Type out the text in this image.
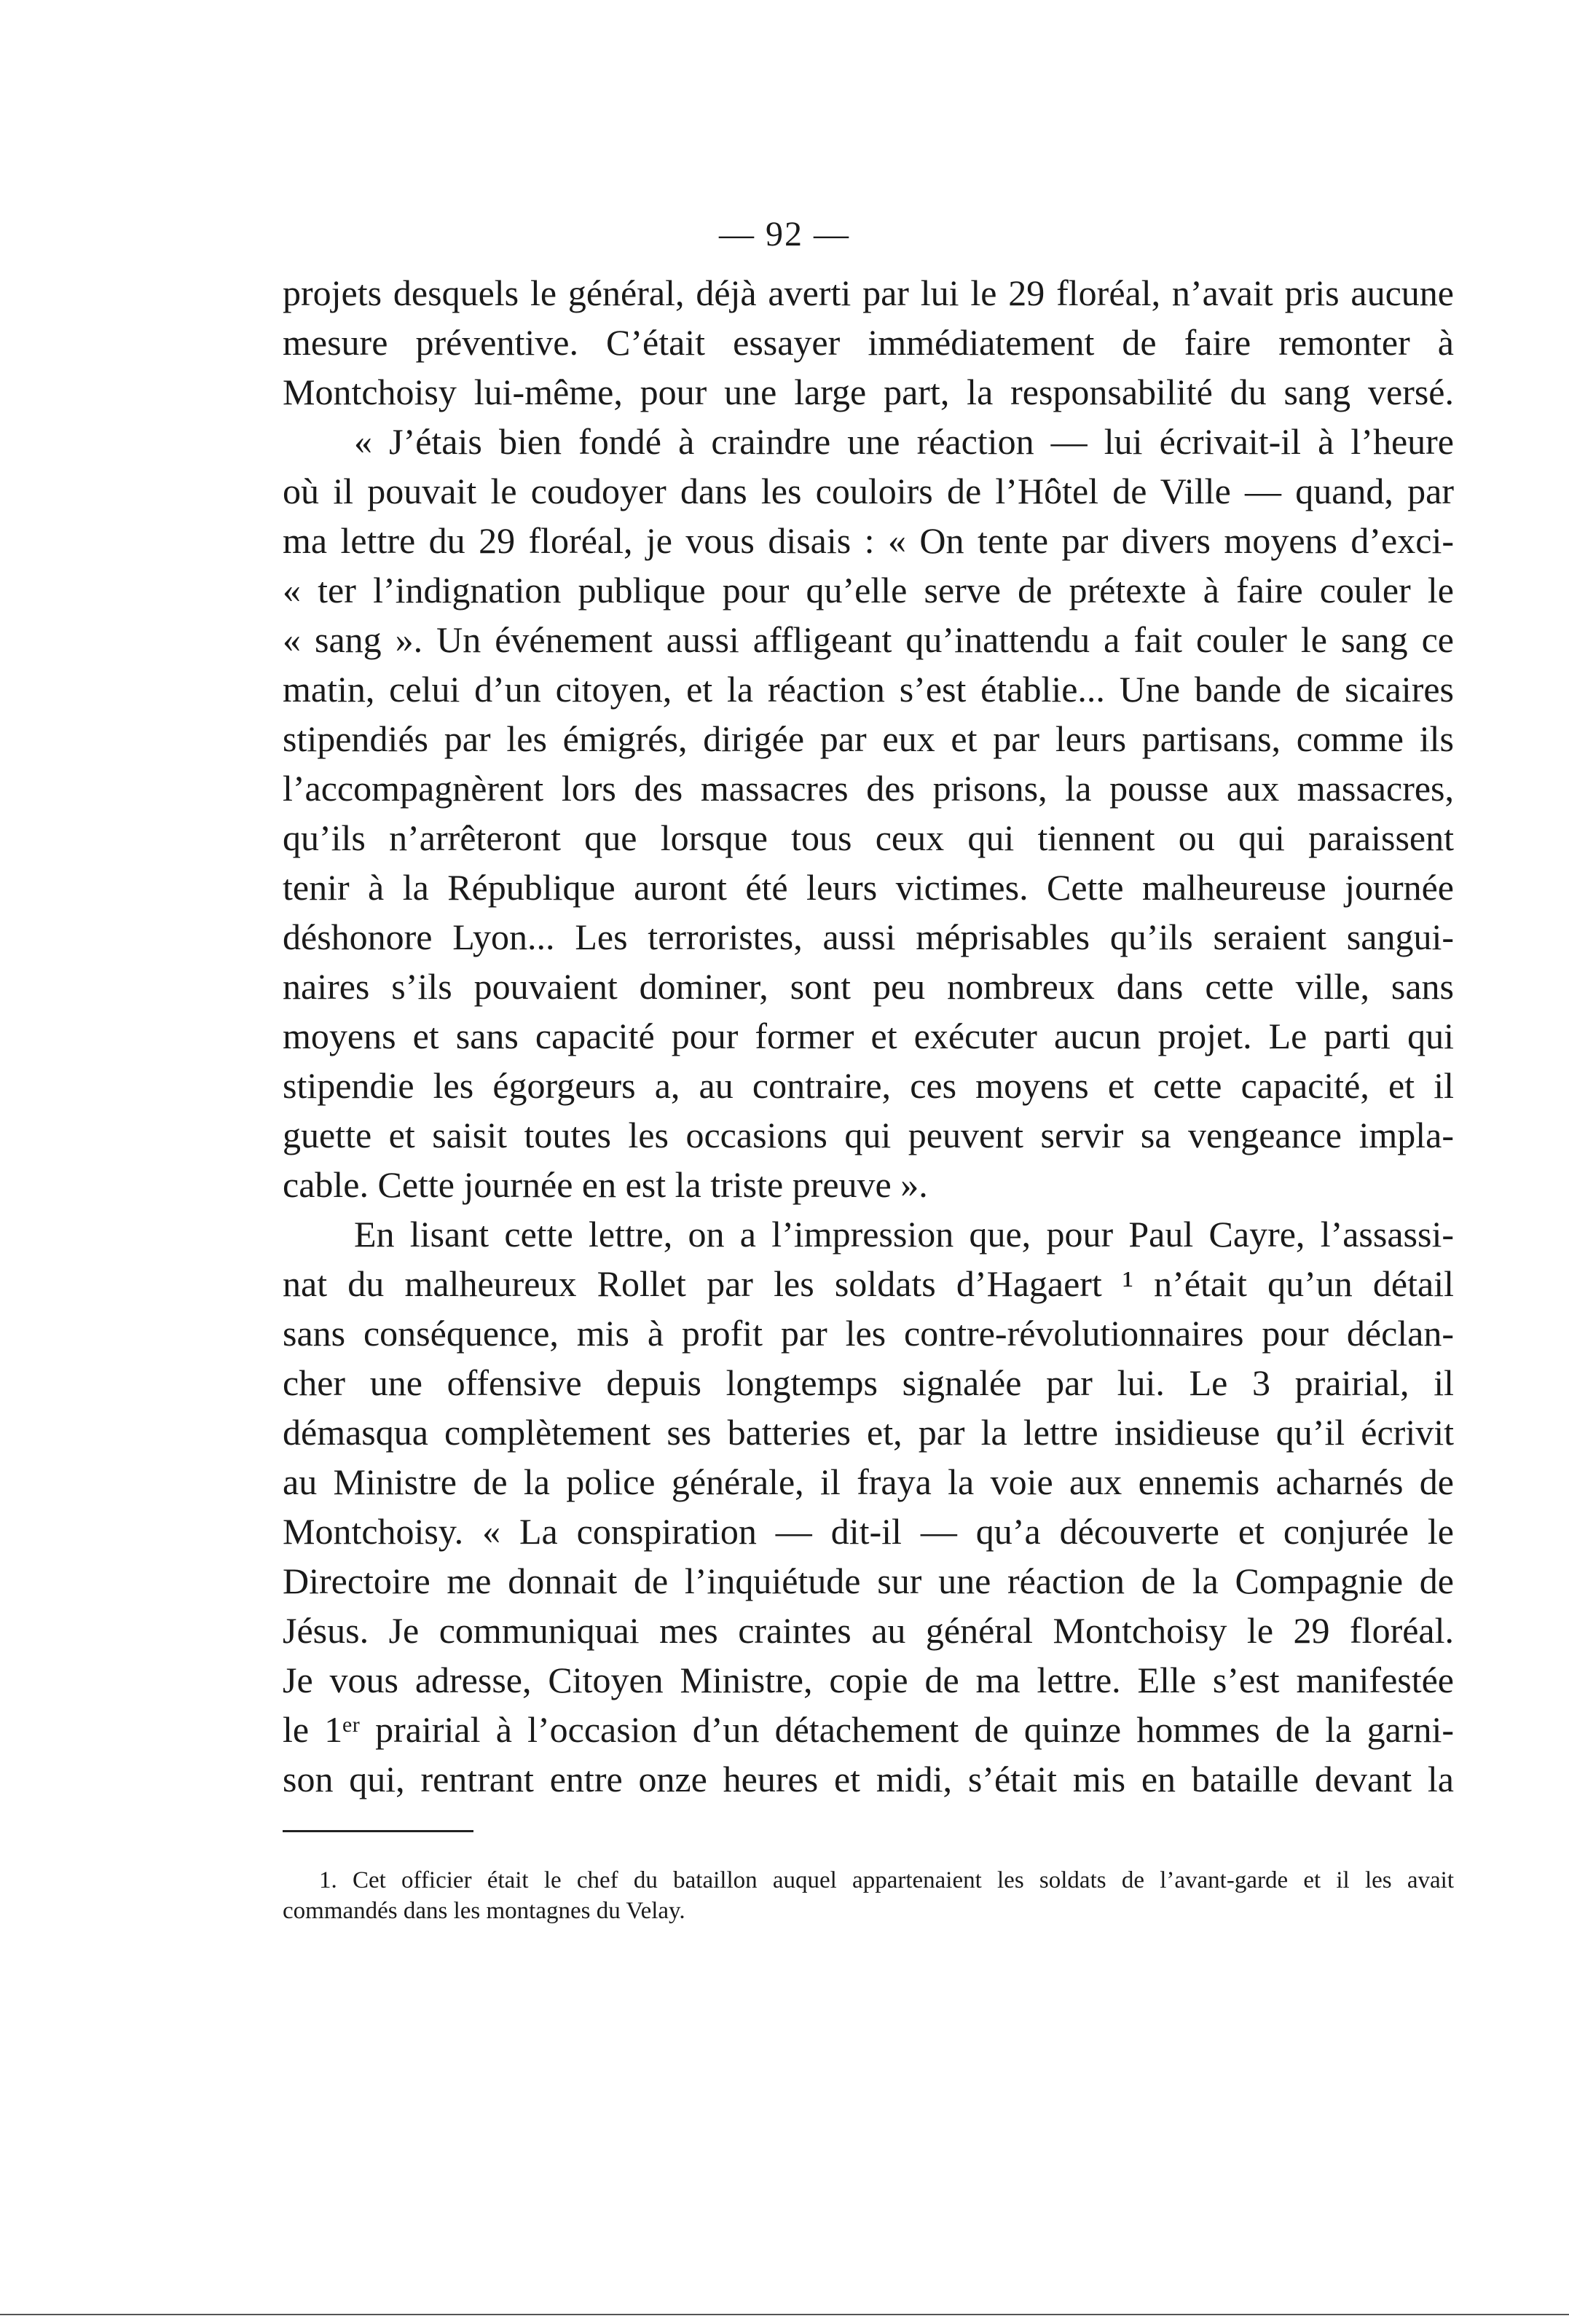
— 92 —
projets desquels le général, déjà averti par lui le 29 floréal, n’avait pris aucune
mesure préventive. C’était essayer immédiatement de faire remonter à
Montchoisy lui-même, pour une large part, la responsabilité du sang versé.
« J’étais bien fondé à craindre une réaction — lui écrivait-il à l’heure
où il pouvait le coudoyer dans les couloirs de l’Hôtel de Ville — quand, par
ma lettre du 29 floréal, je vous disais : « On tente par divers moyens d’exci-
« ter l’indignation publique pour qu’elle serve de prétexte à faire couler le
« sang ». Un événement aussi affligeant qu’inattendu a fait couler le sang ce
matin, celui d’un citoyen, et la réaction s’est établie... Une bande de sicaires
stipendiés par les émigrés, dirigée par eux et par leurs partisans, comme ils
l’accompagnèrent lors des massacres des prisons, la pousse aux massacres,
qu’ils n’arrêteront que lorsque tous ceux qui tiennent ou qui paraissent
tenir à la République auront été leurs victimes. Cette malheureuse journée
déshonore Lyon... Les terroristes, aussi méprisables qu’ils seraient sangui-
naires s’ils pouvaient dominer, sont peu nombreux dans cette ville, sans
moyens et sans capacité pour former et exécuter aucun projet. Le parti qui
stipendie les égorgeurs a, au contraire, ces moyens et cette capacité, et il
guette et saisit toutes les occasions qui peuvent servir sa vengeance impla-
cable. Cette journée en est la triste preuve ».
En lisant cette lettre, on a l’impression que, pour Paul Cayre, l’assassi-
nat du malheureux Rollet par les soldats d’Hagaert ¹ n’était qu’un détail
sans conséquence, mis à profit par les contre-révolutionnaires pour déclan-
cher une offensive depuis longtemps signalée par lui. Le 3 prairial, il
démasqua complètement ses batteries et, par la lettre insidieuse qu’il écrivit
au Ministre de la police générale, il fraya la voie aux ennemis acharnés de
Montchoisy. « La conspiration — dit-il — qu’a découverte et conjurée le
Directoire me donnait de l’inquiétude sur une réaction de la Compagnie de
Jésus. Je communiquai mes craintes au général Montchoisy le 29 floréal.
Je vous adresse, Citoyen Ministre, copie de ma lettre. Elle s’est manifestée
le 1ᵉʳ prairial à l’occasion d’un détachement de quinze hommes de la garni-
son qui, rentrant entre onze heures et midi, s’était mis en bataille devant la
1. Cet officier était le chef du bataillon auquel appartenaient les soldats de l’avant-garde et il les avait
commandés dans les montagnes du Velay.
